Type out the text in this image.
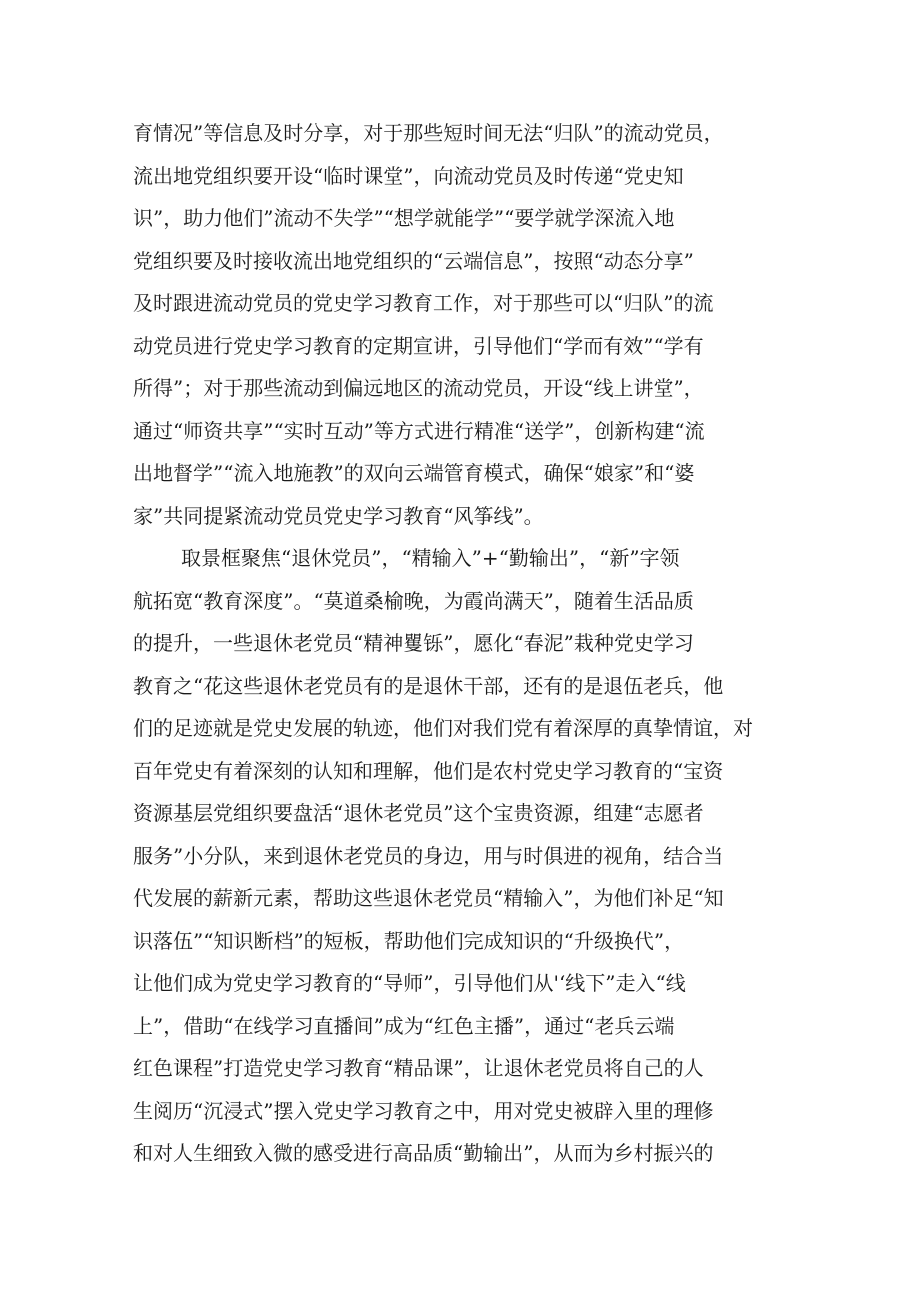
育情况”等信息及时分享，对于那些短时间无法“归队”的流动党员，
流出地党组织要开设“临时课堂”，向流动党员及时传递“党史知
识”，助力他们”流动不失学”“想学就能学”“要学就学深流入地
党组织要及时接收流出地党组织的“云端信息”，按照“动态分享”
及时跟进流动党员的党史学习教育工作，对于那些可以“归队”的流
动党员进行党史学习教育的定期宣讲，引导他们“学而有效”“学有
所得”；对于那些流动到偏远地区的流动党员，开设“线上讲堂”，
通过“师资共享”“实时互动”等方式进行精准“送学”，创新构建“流
出地督学”“流入地施教”的双向云端管育模式，确保“娘家”和“婆
家”共同提紧流动党员党史学习教育“风筝线”。
取景框聚焦“退休党员”，“精输入”+“勤输出”，“新”字领
航拓宽“教育深度”。“莫道桑榆晚，为霞尚满天”，随着生活品质
的提升，一些退休老党员“精神矍铄”，愿化“春泥”栽种党史学习
教育之“花这些退休老党员有的是退休干部，还有的是退伍老兵，他
们的足迹就是党史发展的轨迹，他们对我们党有着深厚的真挚情谊，对
百年党史有着深刻的认知和理解，他们是农村党史学习教育的“宝资
资源基层党组织要盘活“退休老党员”这个宝贵资源，组建“志愿者
服务”小分队，来到退休老党员的身边，用与时俱进的视角，结合当
代发展的薪新元素，帮助这些退休老党员“精输入”，为他们补足“知
识落伍”“知识断档”的短板，帮助他们完成知识的“升级换代”，
让他们成为党史学习教育的“导师”，引导他们从'‘线下”走入“线
上”，借助“在线学习直播间”成为“红色主播”，通过“老兵云端
红色课程”打造党史学习教育“精品课”，让退休老党员将自己的人
生阅历“沉浸式”摆入党史学习教育之中，用对党史被辟入里的理修
和对人生细致入微的感受进行高品质“勤输出”，从而为乡村振兴的
